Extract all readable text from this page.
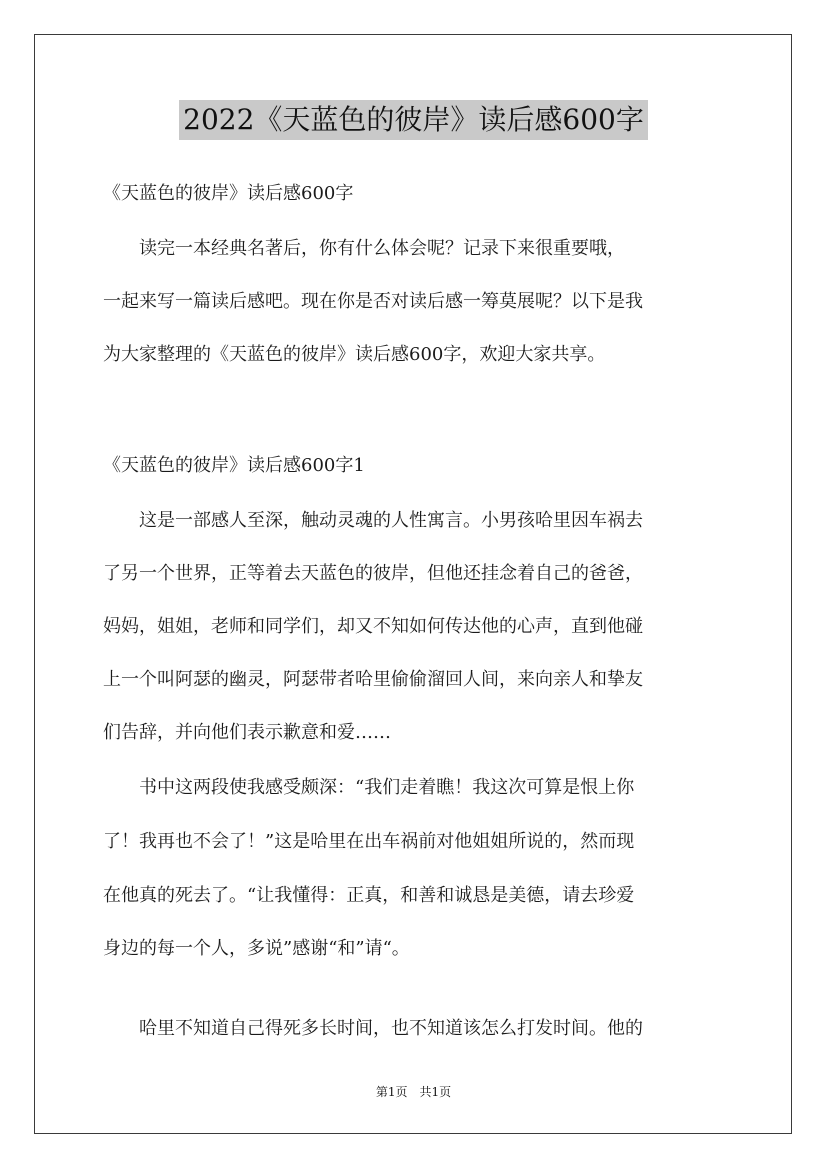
2022《天蓝色的彼岸》读后感600字
《天蓝色的彼岸》读后感600字
　　读完一本经典名著后，你有什么体会呢？记录下来很重要哦，
一起来写一篇读后感吧。现在你是否对读后感一筹莫展呢？以下是我
为大家整理的《天蓝色的彼岸》读后感600字，欢迎大家共享。
《天蓝色的彼岸》读后感600字1
　　这是一部感人至深，触动灵魂的人性寓言。小男孩哈里因车祸去
了另一个世界，正等着去天蓝色的彼岸，但他还挂念着自己的爸爸，
妈妈，姐姐，老师和同学们，却又不知如何传达他的心声，直到他碰
上一个叫阿瑟的幽灵，阿瑟带者哈里偷偷溜回人间，来向亲人和挚友
们告辞，并向他们表示歉意和爱……
　　书中这两段使我感受颇深：“我们走着瞧！我这次可算是恨上你
了！我再也不会了！”这是哈里在出车祸前对他姐姐所说的，然而现
在他真的死去了。“让我懂得：正真，和善和诚恳是美德，请去珍爱
身边的每一个人，多说”感谢“和”请“。
　　哈里不知道自己得死多长时间，也不知道该怎么打发时间。他的
第1页　共1页
